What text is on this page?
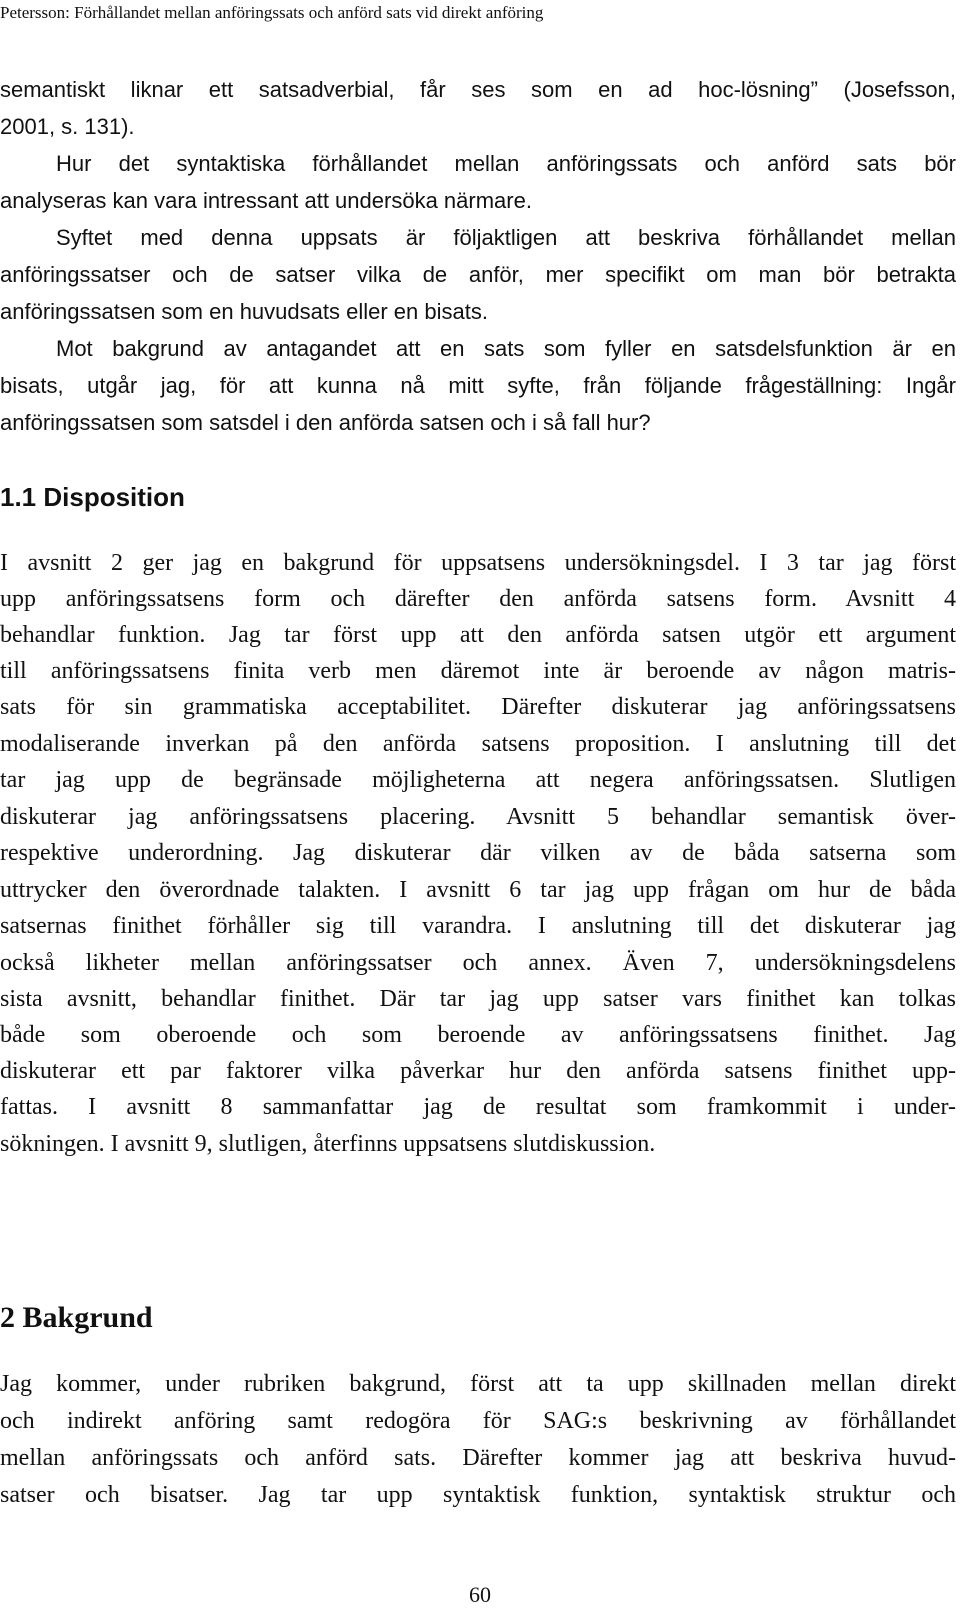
Petersson: Förhållandet mellan anföringssats och anförd sats vid direkt anföring
semantiskt liknar ett satsadverbial, får ses som en ad hoc-lösning” (Josefsson,
2001, s. 131).
Hur det syntaktiska förhållandet mellan anföringssats och anförd sats bör
analyseras kan vara intressant att undersöka närmare.
Syftet med denna uppsats är följaktligen att beskriva förhållandet mellan
anföringssatser och de satser vilka de anför, mer specifikt om man bör betrakta
anföringssatsen som en huvudsats eller en bisats.
Mot bakgrund av antagandet att en sats som fyller en satsdelsfunktion är en
bisats, utgår jag, för att kunna nå mitt syfte, från följande frågeställning: Ingår
anföringssatsen som satsdel i den anförda satsen och i så fall hur?
1.1 Disposition
I avsnitt 2 ger jag en bakgrund för uppsatsens undersökningsdel. I 3 tar jag först
upp anföringssatsens form och därefter den anförda satsens form. Avsnitt 4
behandlar funktion. Jag tar först upp att den anförda satsen utgör ett argument
till anföringssatsens finita verb men däremot inte är beroende av någon matris-
sats för sin grammatiska acceptabilitet. Därefter diskuterar jag anföringssatsens
modaliserande inverkan på den anförda satsens proposition. I anslutning till det
tar jag upp de begränsade möjligheterna att negera anföringssatsen. Slutligen
diskuterar jag anföringssatsens placering. Avsnitt 5 behandlar semantisk över-
respektive underordning. Jag diskuterar där vilken av de båda satserna som
uttrycker den överordnade talakten. I avsnitt 6 tar jag upp frågan om hur de båda
satsernas finithet förhåller sig till varandra. I anslutning till det diskuterar jag
också likheter mellan anföringssatser och annex. Även 7, undersökningsdelens
sista avsnitt, behandlar finithet. Där tar jag upp satser vars finithet kan tolkas
både som oberoende och som beroende av anföringssatsens finithet. Jag
diskuterar ett par faktorer vilka påverkar hur den anförda satsens finithet upp-
fattas. I avsnitt 8 sammanfattar jag de resultat som framkommit i under-
sökningen. I avsnitt 9, slutligen, återfinns uppsatsens slutdiskussion.
2 Bakgrund
Jag kommer, under rubriken bakgrund, först att ta upp skillnaden mellan direkt
och indirekt anföring samt redogöra för SAG:s beskrivning av förhållandet
mellan anföringssats och anförd sats. Därefter kommer jag att beskriva huvud-
satser och bisatser. Jag tar upp syntaktisk funktion, syntaktisk struktur och
60
